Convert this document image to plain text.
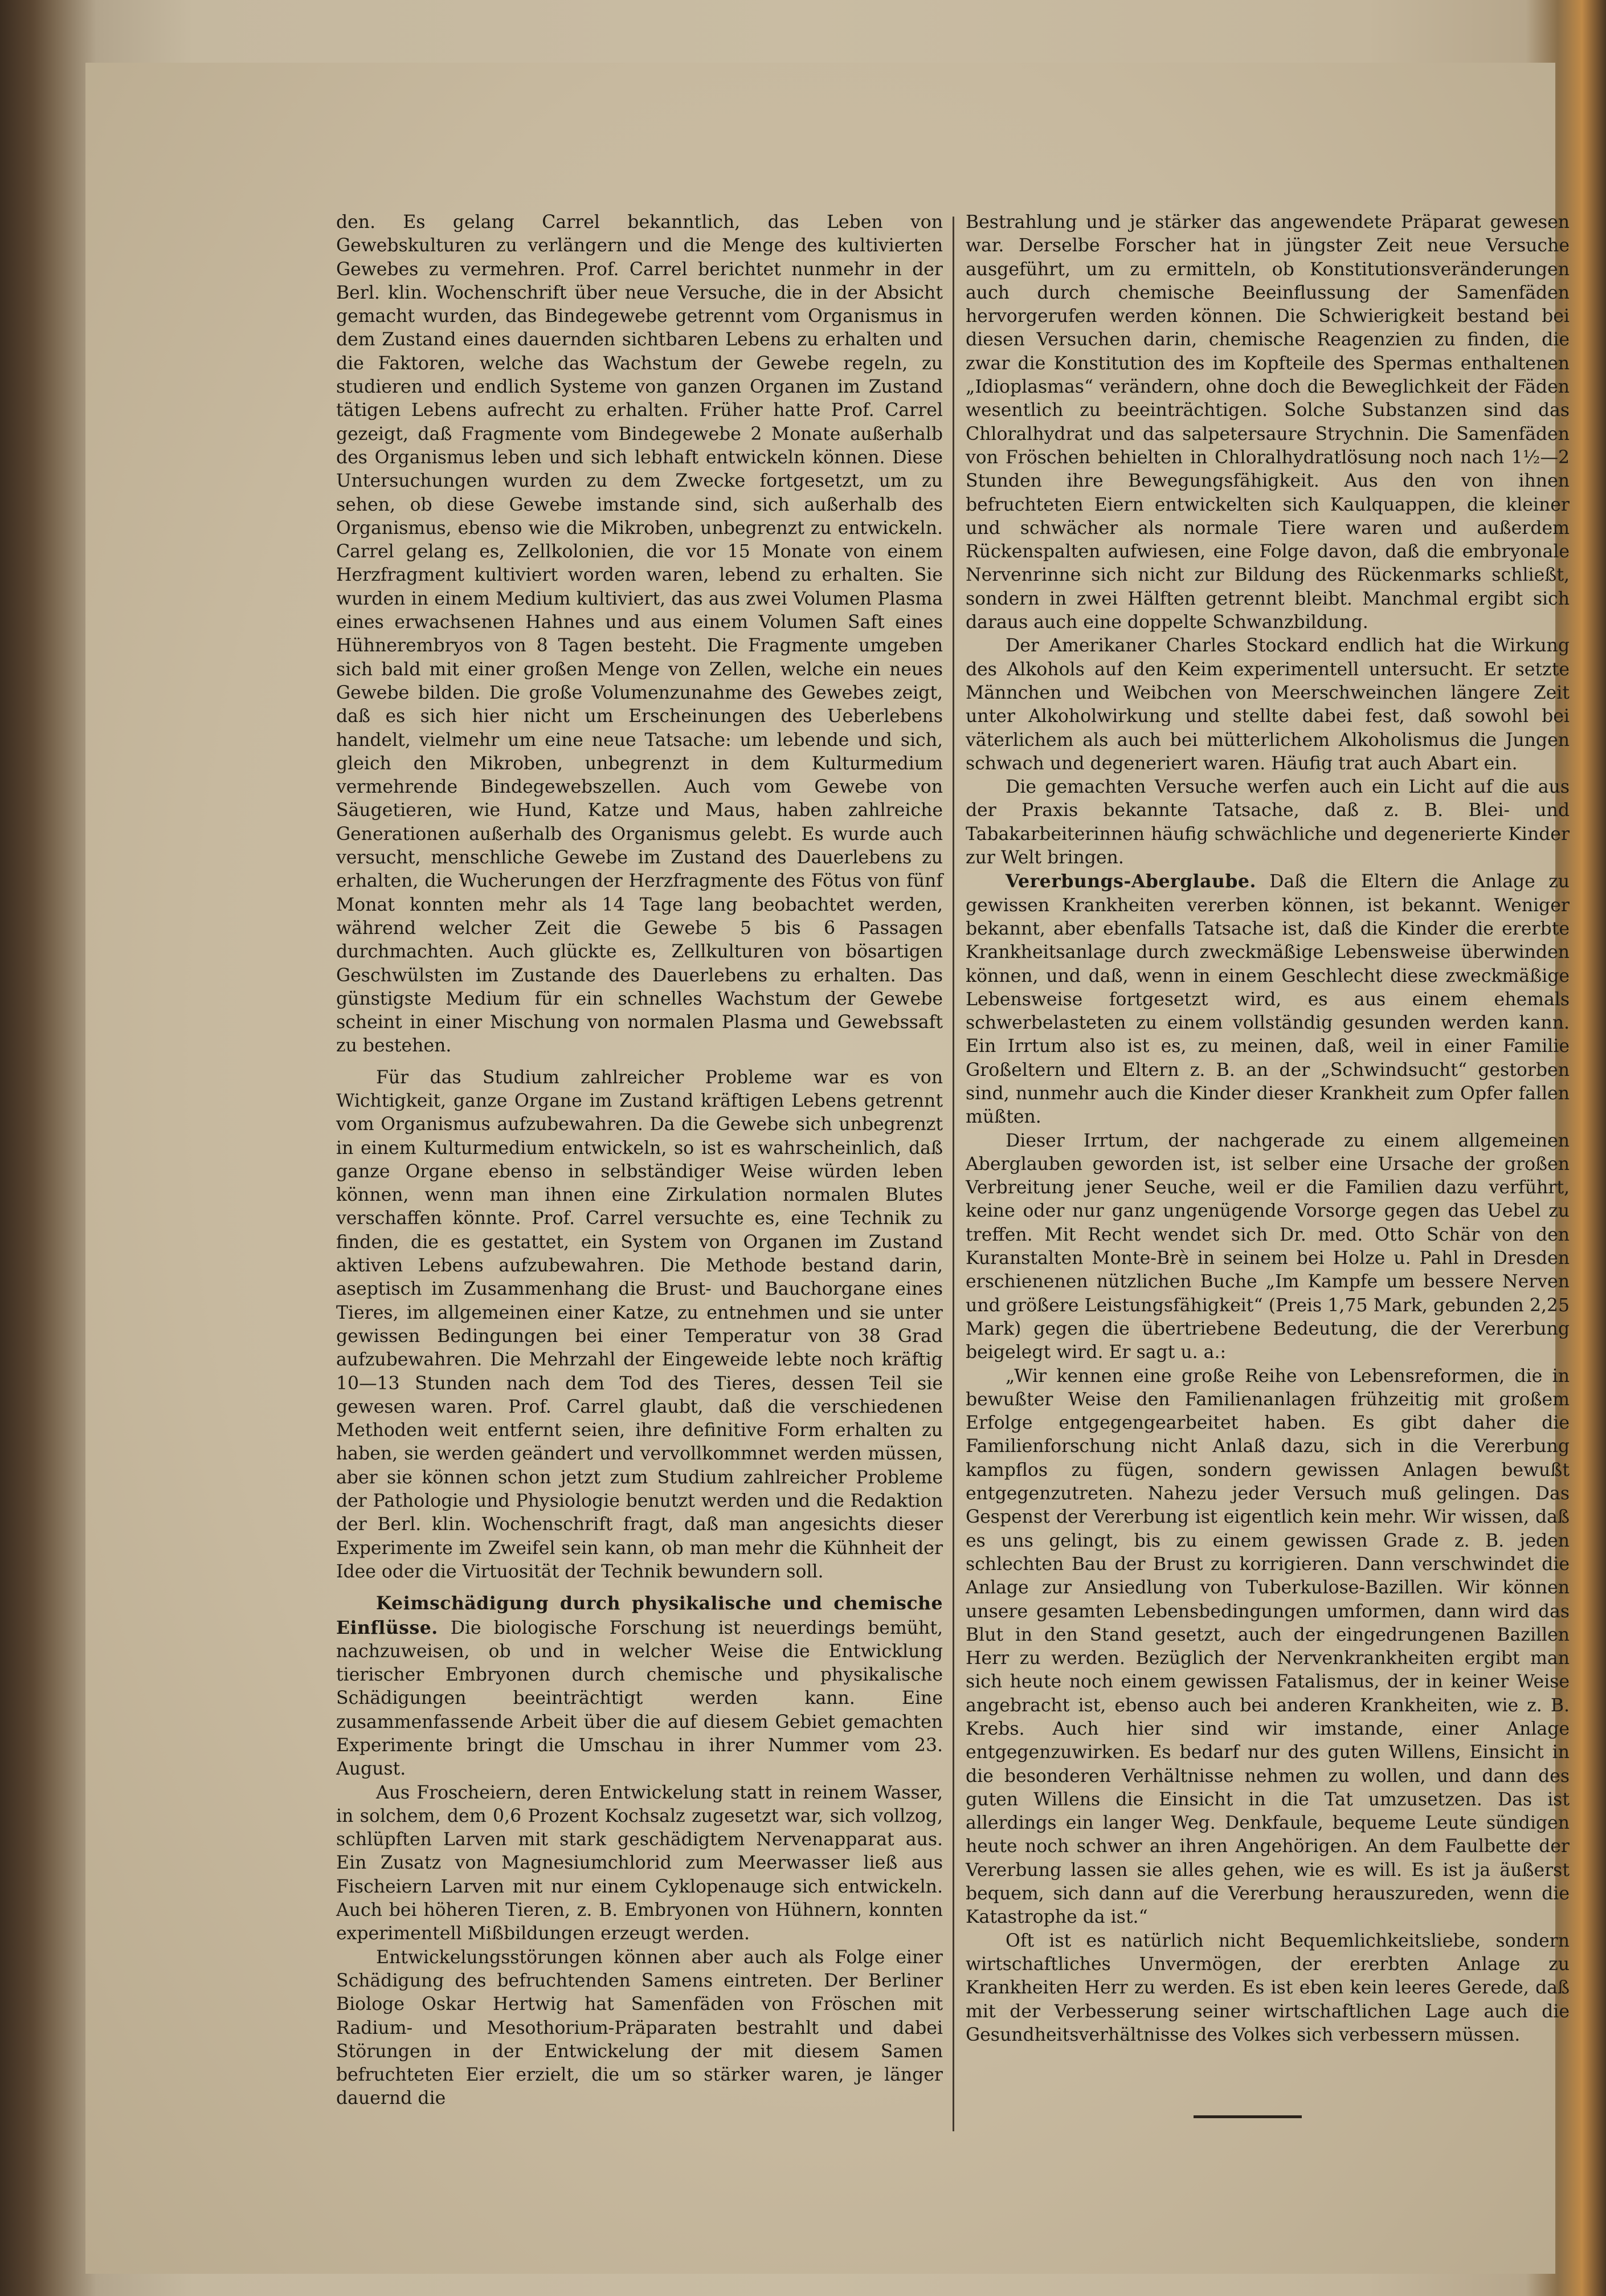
den. Es gelang Carrel bekanntlich, das Leben von Gewebskulturen zu verlängern und die Menge des kultivierten Gewebes zu vermehren. Prof. Carrel berichtet nunmehr in der Berl. klin. Wochenschrift über neue Versuche, die in der Absicht gemacht wurden, das Bindegewebe getrennt vom Organismus in dem Zustand eines dauernden sichtbaren Lebens zu erhalten und die Faktoren, welche das Wachstum der Gewebe regeln, zu studieren und endlich Systeme von ganzen Organen im Zustand tätigen Lebens aufrecht zu erhalten. Früher hatte Prof. Carrel gezeigt, daß Fragmente vom Bindegewebe 2 Monate außerhalb des Organismus leben und sich lebhaft entwickeln können. Diese Untersuchungen wurden zu dem Zwecke fortgesetzt, um zu sehen, ob diese Gewebe imstande sind, sich außerhalb des Organismus, ebenso wie die Mikroben, unbegrenzt zu entwickeln. Carrel gelang es, Zellkolonien, die vor 15 Monate von einem Herzfragment kultiviert worden waren, lebend zu erhalten. Sie wurden in einem Medium kultiviert, das aus zwei Volumen Plasma eines erwachsenen Hahnes und aus einem Volumen Saft eines Hühnerembryos von 8 Tagen besteht. Die Fragmente umgeben sich bald mit einer großen Menge von Zellen, welche ein neues Gewebe bilden. Die große Volumenzunahme des Gewebes zeigt, daß es sich hier nicht um Erscheinungen des Ueberlebens handelt, vielmehr um eine neue Tatsache: um lebende und sich, gleich den Mikroben, unbegrenzt in dem Kulturmedium vermehrende Bindegewebszellen. Auch vom Gewebe von Säugetieren, wie Hund, Katze und Maus, haben zahlreiche Generationen außerhalb des Organismus gelebt. Es wurde auch versucht, menschliche Gewebe im Zustand des Dauerlebens zu erhalten, die Wucherungen der Herzfragmente des Fötus von fünf Monat konnten mehr als 14 Tage lang beobachtet werden, während welcher Zeit die Gewebe 5 bis 6 Passagen durchmachten. Auch glückte es, Zellkulturen von bösartigen Geschwülsten im Zustande des Dauerlebens zu erhalten. Das günstigste Medium für ein schnelles Wachstum der Gewebe scheint in einer Mischung von normalen Plasma und Gewebssaft zu bestehen.

Für das Studium zahlreicher Probleme war es von Wichtigkeit, ganze Organe im Zustand kräftigen Lebens getrennt vom Organismus aufzubewahren. Da die Gewebe sich unbegrenzt in einem Kulturmedium entwickeln, so ist es wahrscheinlich, daß ganze Organe ebenso in selbständiger Weise würden leben können, wenn man ihnen eine Zirkulation normalen Blutes verschaffen könnte. Prof. Carrel versuchte es, eine Technik zu finden, die es gestattet, ein System von Organen im Zustand aktiven Lebens aufzubewahren. Die Methode bestand darin, aseptisch im Zusammenhang die Brust- und Bauchorgane eines Tieres, im allgemeinen einer Katze, zu entnehmen und sie unter gewissen Bedingungen bei einer Temperatur von 38 Grad aufzubewahren. Die Mehrzahl der Eingeweide lebte noch kräftig 10—13 Stunden nach dem Tod des Tieres, dessen Teil sie gewesen waren. Prof. Carrel glaubt, daß die verschiedenen Methoden weit entfernt seien, ihre definitive Form erhalten zu haben, sie werden geändert und vervollkommnet werden müssen, aber sie können schon jetzt zum Studium zahlreicher Probleme der Pathologie und Physiologie benutzt werden und die Redaktion der Berl. klin. Wochenschrift fragt, daß man angesichts dieser Experimente im Zweifel sein kann, ob man mehr die Kühnheit der Idee oder die Virtuosität der Technik bewundern soll.

Keimschädigung durch physikalische und chemische Einflüsse. Die biologische Forschung ist neuerdings bemüht, nachzuweisen, ob und in welcher Weise die Entwicklung tierischer Embryonen durch chemische und physikalische Schädigungen beeinträchtigt werden kann. Eine zusammenfassende Arbeit über die auf diesem Gebiet gemachten Experimente bringt die Umschau in ihrer Nummer vom 23. August.

Aus Froscheiern, deren Entwickelung statt in reinem Wasser, in solchem, dem 0,6 Prozent Kochsalz zugesetzt war, sich vollzog, schlüpften Larven mit stark geschädigtem Nervenapparat aus. Ein Zusatz von Magnesiumchlorid zum Meerwasser ließ aus Fischeiern Larven mit nur einem Cyklopenauge sich entwickeln. Auch bei höheren Tieren, z. B. Embryonen von Hühnern, konnten experimentell Mißbildungen erzeugt werden.

Entwickelungsstörungen können aber auch als Folge einer Schädigung des befruchtenden Samens eintreten. Der Berliner Biologe Oskar Hertwig hat Samenfäden von Fröschen mit Radium- und Mesothorium-Präparaten bestrahlt und dabei Störungen in der Entwickelung der mit diesem Samen befruchteten Eier erzielt, die um so stärker waren, je länger dauernd die

Bestrahlung und je stärker das angewendete Präparat gewesen war. Derselbe Forscher hat in jüngster Zeit neue Versuche ausgeführt, um zu ermitteln, ob Konstitutionsveränderungen auch durch chemische Beeinflussung der Samenfäden hervorgerufen werden können. Die Schwierigkeit bestand bei diesen Versuchen darin, chemische Reagenzien zu finden, die zwar die Konstitution des im Kopfteile des Spermas enthaltenen „Idioplasmas“ verändern, ohne doch die Beweglichkeit der Fäden wesentlich zu beeinträchtigen. Solche Substanzen sind das Chloralhydrat und das salpetersaure Strychnin. Die Samenfäden von Fröschen behielten in Chloralhydratlösung noch nach 1½—2 Stunden ihre Bewegungsfähigkeit. Aus den von ihnen befruchteten Eiern entwickelten sich Kaulquappen, die kleiner und schwächer als normale Tiere waren und außerdem Rückenspalten aufwiesen, eine Folge davon, daß die embryonale Nervenrinne sich nicht zur Bildung des Rückenmarks schließt, sondern in zwei Hälften getrennt bleibt. Manchmal ergibt sich daraus auch eine doppelte Schwanzbildung.

Der Amerikaner Charles Stockard endlich hat die Wirkung des Alkohols auf den Keim experimentell untersucht. Er setzte Männchen und Weibchen von Meerschweinchen längere Zeit unter Alkoholwirkung und stellte dabei fest, daß sowohl bei väterlichem als auch bei mütterlichem Alkoholismus die Jungen schwach und degeneriert waren. Häufig trat auch Abart ein.

Die gemachten Versuche werfen auch ein Licht auf die aus der Praxis bekannte Tatsache, daß z. B. Blei- und Tabakarbeiterinnen häufig schwächliche und degenerierte Kinder zur Welt bringen.

Vererbungs-Aberglaube. Daß die Eltern die Anlage zu gewissen Krankheiten vererben können, ist bekannt. Weniger bekannt, aber ebenfalls Tatsache ist, daß die Kinder die ererbte Krankheitsanlage durch zweckmäßige Lebensweise überwinden können, und daß, wenn in einem Geschlecht diese zweckmäßige Lebensweise fortgesetzt wird, es aus einem ehemals schwerbelasteten zu einem vollständig gesunden werden kann. Ein Irrtum also ist es, zu meinen, daß, weil in einer Familie Großeltern und Eltern z. B. an der „Schwindsucht“ gestorben sind, nunmehr auch die Kinder dieser Krankheit zum Opfer fallen müßten.

Dieser Irrtum, der nachgerade zu einem allgemeinen Aberglauben geworden ist, ist selber eine Ursache der großen Verbreitung jener Seuche, weil er die Familien dazu verführt, keine oder nur ganz ungenügende Vorsorge gegen das Uebel zu treffen. Mit Recht wendet sich Dr. med. Otto Schär von den Kuranstalten Monte-Brè in seinem bei Holze u. Pahl in Dresden erschienenen nützlichen Buche „Im Kampfe um bessere Nerven und größere Leistungsfähigkeit“ (Preis 1,75 Mark, gebunden 2,25 Mark) gegen die übertriebene Bedeutung, die der Vererbung beigelegt wird. Er sagt u. a.:

„Wir kennen eine große Reihe von Lebensreformen, die in bewußter Weise den Familienanlagen frühzeitig mit großem Erfolge entgegengearbeitet haben. Es gibt daher die Familienforschung nicht Anlaß dazu, sich in die Vererbung kampflos zu fügen, sondern gewissen Anlagen bewußt entgegenzutreten. Nahezu jeder Versuch muß gelingen. Das Gespenst der Vererbung ist eigentlich kein mehr. Wir wissen, daß es uns gelingt, bis zu einem gewissen Grade z. B. jeden schlechten Bau der Brust zu korrigieren. Dann verschwindet die Anlage zur Ansiedlung von Tuberkulose-Bazillen. Wir können unsere gesamten Lebensbedingungen umformen, dann wird das Blut in den Stand gesetzt, auch der eingedrungenen Bazillen Herr zu werden. Bezüglich der Nervenkrankheiten ergibt man sich heute noch einem gewissen Fatalismus, der in keiner Weise angebracht ist, ebenso auch bei anderen Krankheiten, wie z. B. Krebs. Auch hier sind wir imstande, einer Anlage entgegenzuwirken. Es bedarf nur des guten Willens, Einsicht in die besonderen Verhältnisse nehmen zu wollen, und dann des guten Willens die Einsicht in die Tat umzusetzen. Das ist allerdings ein langer Weg. Denkfaule, bequeme Leute sündigen heute noch schwer an ihren Angehörigen. An dem Faulbette der Vererbung lassen sie alles gehen, wie es will. Es ist ja äußerst bequem, sich dann auf die Vererbung herauszureden, wenn die Katastrophe da ist.“

Oft ist es natürlich nicht Bequemlichkeitsliebe, sondern wirtschaftliches Unvermögen, der ererbten Anlage zu Krankheiten Herr zu werden. Es ist eben kein leeres Gerede, daß mit der Verbesserung seiner wirtschaftlichen Lage auch die Gesundheitsverhältnisse des Volkes sich verbessern müssen.
